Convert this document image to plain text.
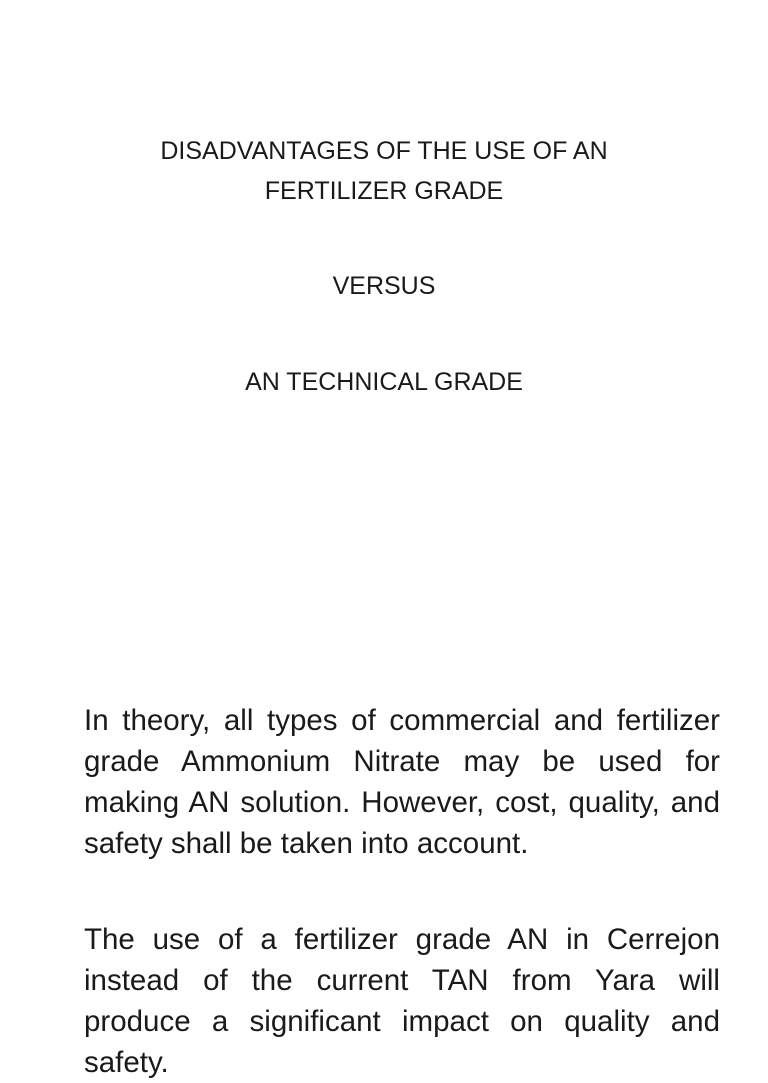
DISADVANTAGES OF THE USE OF AN
FERTILIZER GRADE
VERSUS
AN TECHNICAL GRADE

In theory, all types of commercial and fertilizer grade Ammonium Nitrate may be used for making AN solution. However, cost, quality, and safety shall be taken into account.

The use of a fertilizer grade AN in Cerrejon instead of the current TAN from Yara will produce a significant impact on quality and safety.
